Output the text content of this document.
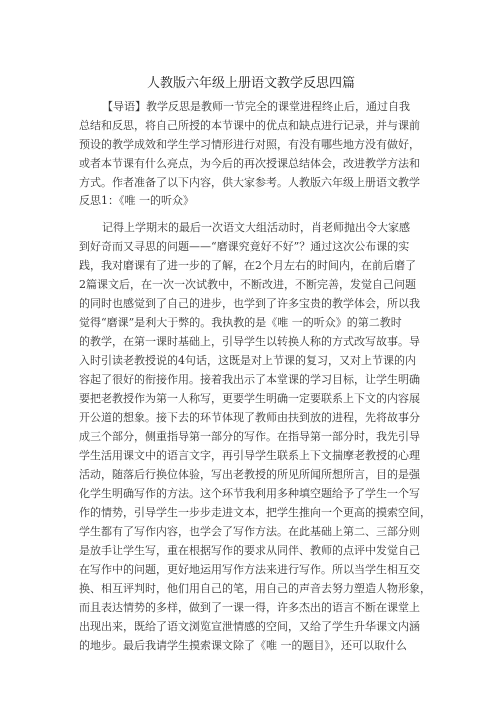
人教版六年级上册语文教学反思四篇
【导语】教学反思是教师一节完全的课堂进程终止后，通过自我
总结和反思，将自己所授的本节课中的优点和缺点进行记录，并与课前
预设的教学成效和学生学习情形进行对照，有没有哪些地方没有做好，
或者本节课有什么亮点，为今后的再次授课总结体会，改进教学方法和
方式。作者准备了以下内容，供大家参考。人教版六年级上册语文教学
反思1：《唯 一的听众》
记得上学期末的最后一次语文大组活动时，肖老师抛出令大家感
到好奇而又寻思的问题——“磨课究竟好不好”？通过这次公布课的实
践，我对磨课有了进一步的了解，在2个月左右的时间内，在前后磨了
2篇课文后，在一次一次试教中，不断改进，不断完善，发觉自己问题
的同时也感觉到了自己的进步，也学到了许多宝贵的教学体会，所以我
觉得“磨课”是利大于弊的。我执教的是《唯 一的听众》的第二教时
的教学，在第一课时基础上，引导学生以转换人称的方式改写故事。导
入时引读老教授说的4句话，这既是对上节课的复习，又对上节课的内
容起了很好的衔接作用。接着我出示了本堂课的学习目标，让学生明确
要把老教授作为第一人称写，更要学生明确一定要联系上下文的内容展
开公道的想象。接下去的环节体现了教师由扶到放的进程，先将故事分
成三个部分，侧重指导第一部分的写作。在指导第一部分时，我先引导
学生活用课文中的语言文字，再引导学生联系上下文揣摩老教授的心理
活动，随落后行换位体验，写出老教授的所见所闻所想所言，目的是强
化学生明确写作的方法。这个环节我利用多种填空题给予了学生一个写
作的情势，引导学生一步步走进文本，把学生推向一个更高的摸索空间，
学生都有了写作内容，也学会了写作方法。在此基础上第二、三部分则
是放手让学生写，重在根据写作的要求从同伴、教师的点评中发觉自己
在写作中的问题，更好地运用写作方法来进行写作。所以当学生相互交
换、相互评判时，他们用自己的笔，用自己的声音去努力塑造人物形象，
而且表达情势的多样，做到了一课一得，许多杰出的语言不断在课堂上
出现出来，既给了语文浏览宣泄情感的空间，又给了学生升华课文内涵
的地步。最后我请学生摸索课文除了《唯 一的题目》，还可以取什么
